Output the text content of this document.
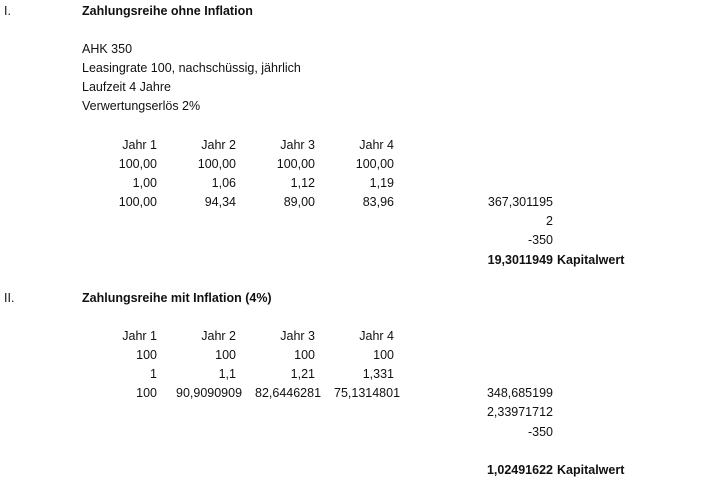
I.	Zahlungsreihe ohne Inflation
AHK 350
Leasingrate 100, nachschüssig, jährlich
Laufzeit 4 Jahre
Verwertungserlös 2%
Jahr 1	Jahr 2	Jahr 3	Jahr 4
100,00	100,00	100,00	100,00
1,00	1,06	1,12	1,19
100,00	94,34	89,00	83,96	367,301195
2
-350
19,3011949 Kapitalwert
II.	Zahlungsreihe mit Inflation (4%)
Jahr 1	Jahr 2	Jahr 3	Jahr 4
100	100	100	100
1	1,1	1,21	1,331
100 90,9090909 82,6446281 75,1314801	348,685199
2,33971712
-350
1,02491622 Kapitalwert
